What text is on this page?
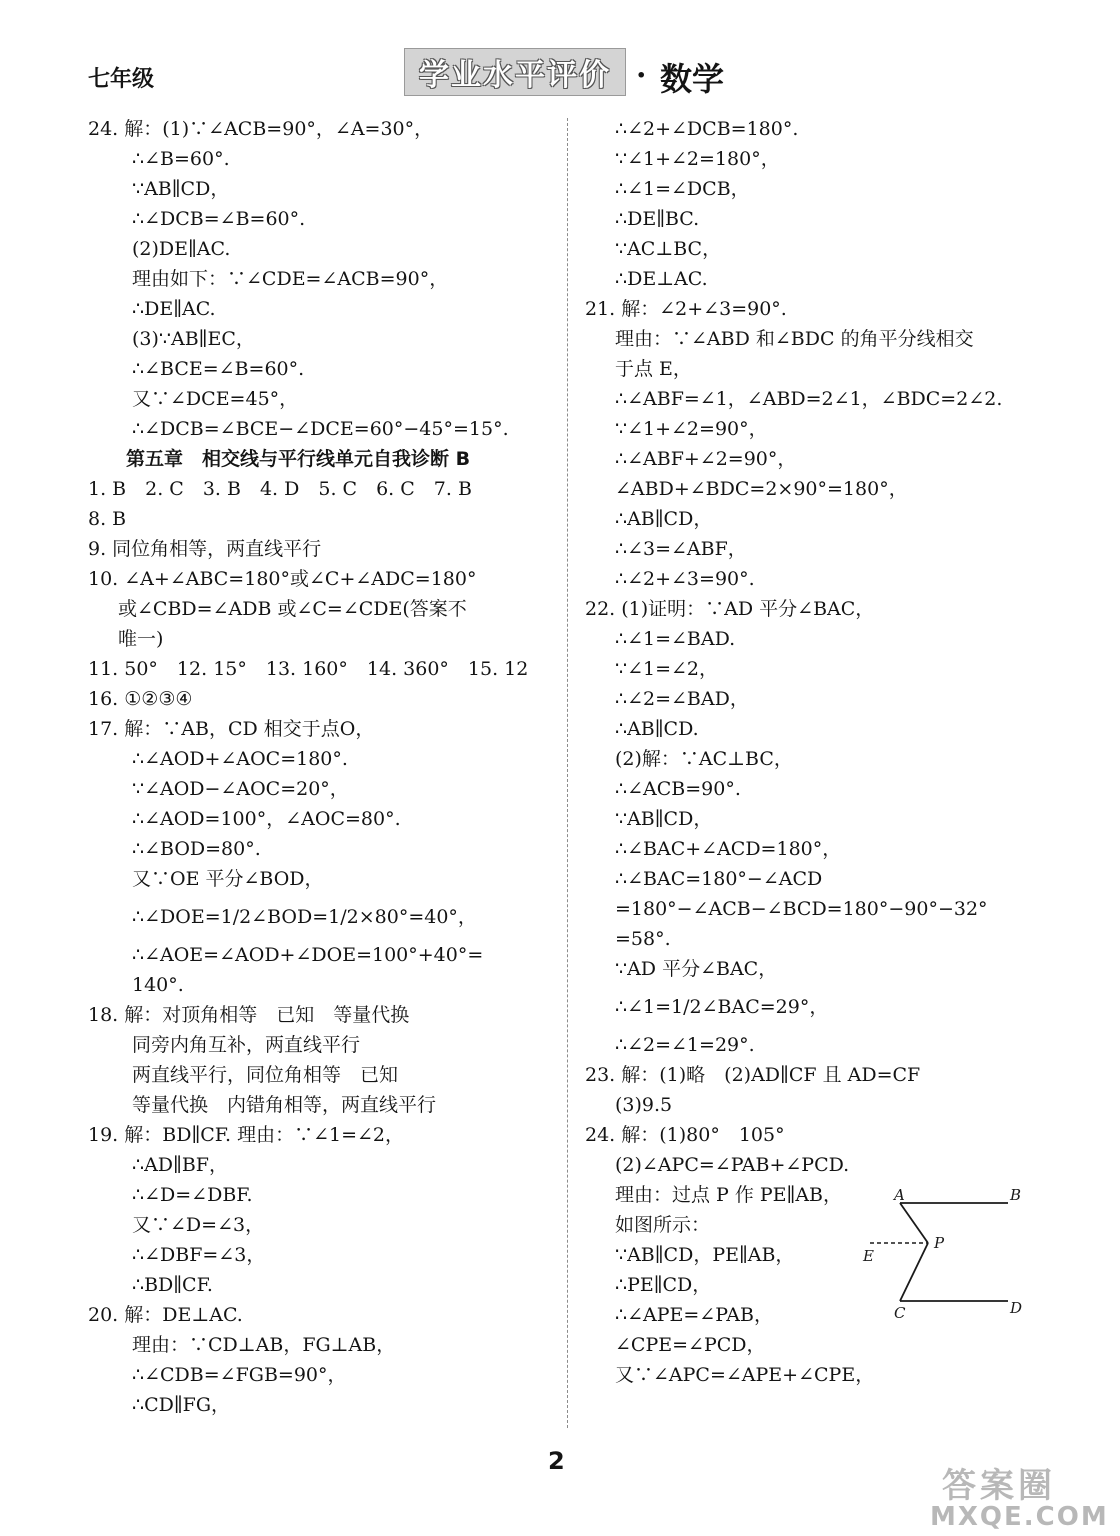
七年级	学业水平评价 · 数学
24. 解：(1)∵∠ACB=90°，∠A=30°，
∴∠B=60°.
∵AB∥CD，
∴∠DCB=∠B=60°.
(2)DE∥AC.
理由如下：∵∠CDE=∠ACB=90°，
∴DE∥AC.
(3)∵AB∥EC，
∴∠BCE=∠B=60°.
又∵∠DCE=45°，
∴∠DCB=∠BCE−∠DCE=60°−45°=15°.
第五章　相交线与平行线单元自我诊断 B
1. B　2. C　3. B　4. D　5. C　6. C　7. B
8. B
9. 同位角相等，两直线平行
10. ∠A+∠ABC=180°或∠C+∠ADC=180°
或∠CBD=∠ADB 或∠C=∠CDE(答案不
唯一)
11. 50°　12. 15°　13. 160°　14. 360°　15. 12
16. ①②③④
17. 解：∵AB，CD 相交于点O，
∴∠AOD+∠AOC=180°.
∵∠AOD−∠AOC=20°，
∴∠AOD=100°，∠AOC=80°.
∴∠BOD=80°.
又∵OE 平分∠BOD，
∴∠DOE=1/2∠BOD=1/2×80°=40°，
∴∠AOE=∠AOD+∠DOE=100°+40°=
140°.
18. 解：对顶角相等　已知　等量代换
同旁内角互补，两直线平行
两直线平行，同位角相等　已知
等量代换　内错角相等，两直线平行
19. 解：BD∥CF. 理由：∵∠1=∠2，
∴AD∥BF，
∴∠D=∠DBF.
又∵∠D=∠3，
∴∠DBF=∠3，
∴BD∥CF.
20. 解：DE⊥AC.
理由：∵CD⊥AB，FG⊥AB，
∴∠CDB=∠FGB=90°，
∴CD∥FG，
∴∠2+∠DCB=180°.
∵∠1+∠2=180°，
∴∠1=∠DCB，
∴DE∥BC.
∵AC⊥BC，
∴DE⊥AC.
21. 解：∠2+∠3=90°.
理由：∵∠ABD 和∠BDC 的角平分线相交
于点 E，
∴∠ABF=∠1，∠ABD=2∠1，∠BDC=2∠2.
∵∠1+∠2=90°，
∴∠ABF+∠2=90°，
∠ABD+∠BDC=2×90°=180°，
∴AB∥CD，
∴∠3=∠ABF，
∴∠2+∠3=90°.
22. (1)证明：∵AD 平分∠BAC，
∴∠1=∠BAD.
∵∠1=∠2，
∴∠2=∠BAD，
∴AB∥CD.
(2)解：∵AC⊥BC，
∴∠ACB=90°.
∵AB∥CD，
∴∠BAC+∠ACD=180°，
∴∠BAC=180°−∠ACD
=180°−∠ACB−∠BCD=180°−90°−32°
=58°.
∵AD 平分∠BAC，
∴∠1=1/2∠BAC=29°，
∴∠2=∠1=29°.
23. 解：(1)略　(2)AD∥CF 且 AD=CF
(3)9.5
24. 解：(1)80°　105°
(2)∠APC=∠PAB+∠PCD.
理由：过点 P 作 PE∥AB，
如图所示：
∵AB∥CD，PE∥AB，
∴PE∥CD，
∴∠APE=∠PAB，
∠CPE=∠PCD，
又∵∠APC=∠APE+∠CPE，
A	B
E
P
C	D
2
答案圈
MXQE.COM
